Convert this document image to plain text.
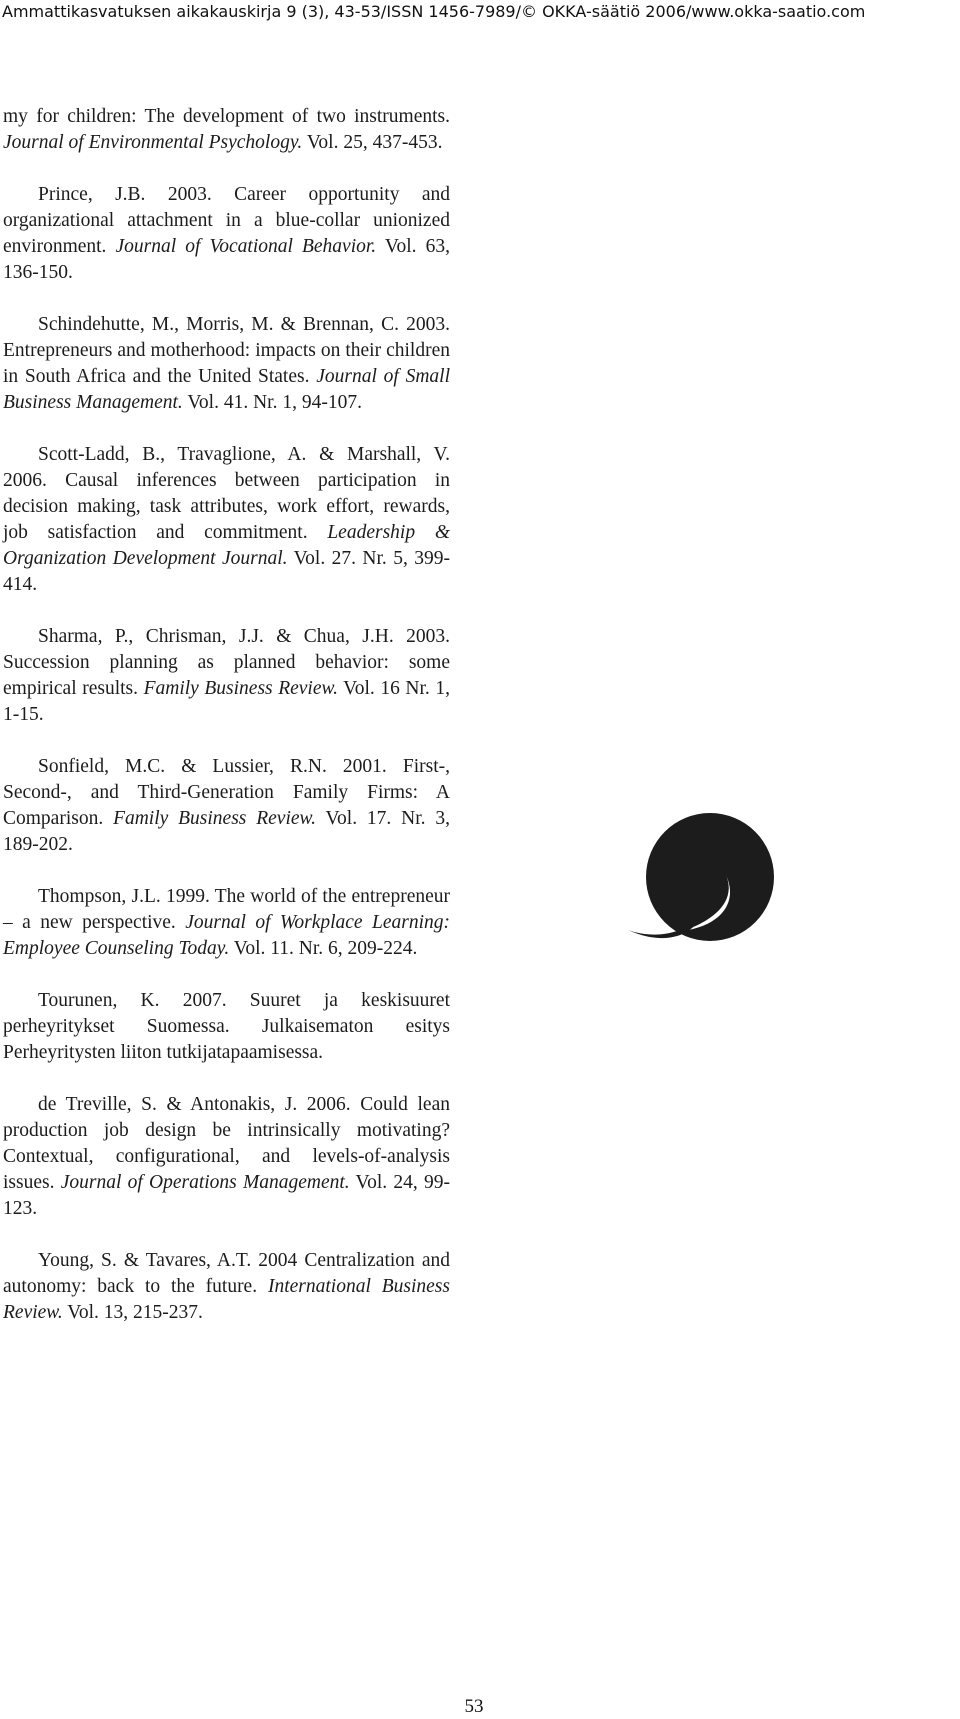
Ammattikasvatuksen aikakauskirja 9 (3), 43-53/ISSN 1456-7989/© OKKA-säätiö 2006/www.okka-saatio.com

my for children: The development of two instruments. Journal of Environmental Psychology. Vol. 25, 437-453.

Prince, J.B. 2003. Career opportunity and organizational attachment in a blue-collar unionized environment. Journal of Vocational Behavior. Vol. 63, 136-150.

Schindehutte, M., Morris, M. & Brennan, C. 2003. Entrepreneurs and motherhood: impacts on their children in South Africa and the United States. Journal of Small Business Management. Vol. 41. Nr. 1, 94-107.

Scott-Ladd, B., Travaglione, A. & Marshall, V. 2006. Causal inferences between participation in decision making, task attributes, work effort, rewards, job satisfaction and commitment. Leadership & Organization Development Journal. Vol. 27. Nr. 5, 399-414.

Sharma, P., Chrisman, J.J. & Chua, J.H. 2003. Succession planning as planned behavior: some empirical results. Family Business Review. Vol. 16 Nr. 1, 1-15.

Sonfield, M.C. & Lussier, R.N. 2001. First-, Second-, and Third-Generation Family Firms: A Comparison. Family Business Review. Vol. 17. Nr. 3, 189-202.

Thompson, J.L. 1999. The world of the entrepreneur – a new perspective. Journal of Workplace Learning: Employee Counseling Today. Vol. 11. Nr. 6, 209-224.

Tourunen, K. 2007. Suuret ja keskisuuret perheyritykset Suomessa. Julkaisematon esitys Perheyritysten liiton tutkijatapaamisessa.

de Treville, S. & Antonakis, J. 2006. Could lean production job design be intrinsically motivating? Contextual, configurational, and levels-of-analysis issues. Journal of Operations Management. Vol. 24, 99-123.

Young, S. & Tavares, A.T. 2004 Centralization and autonomy: back to the future. International Business Review. Vol. 13, 215-237.

53
